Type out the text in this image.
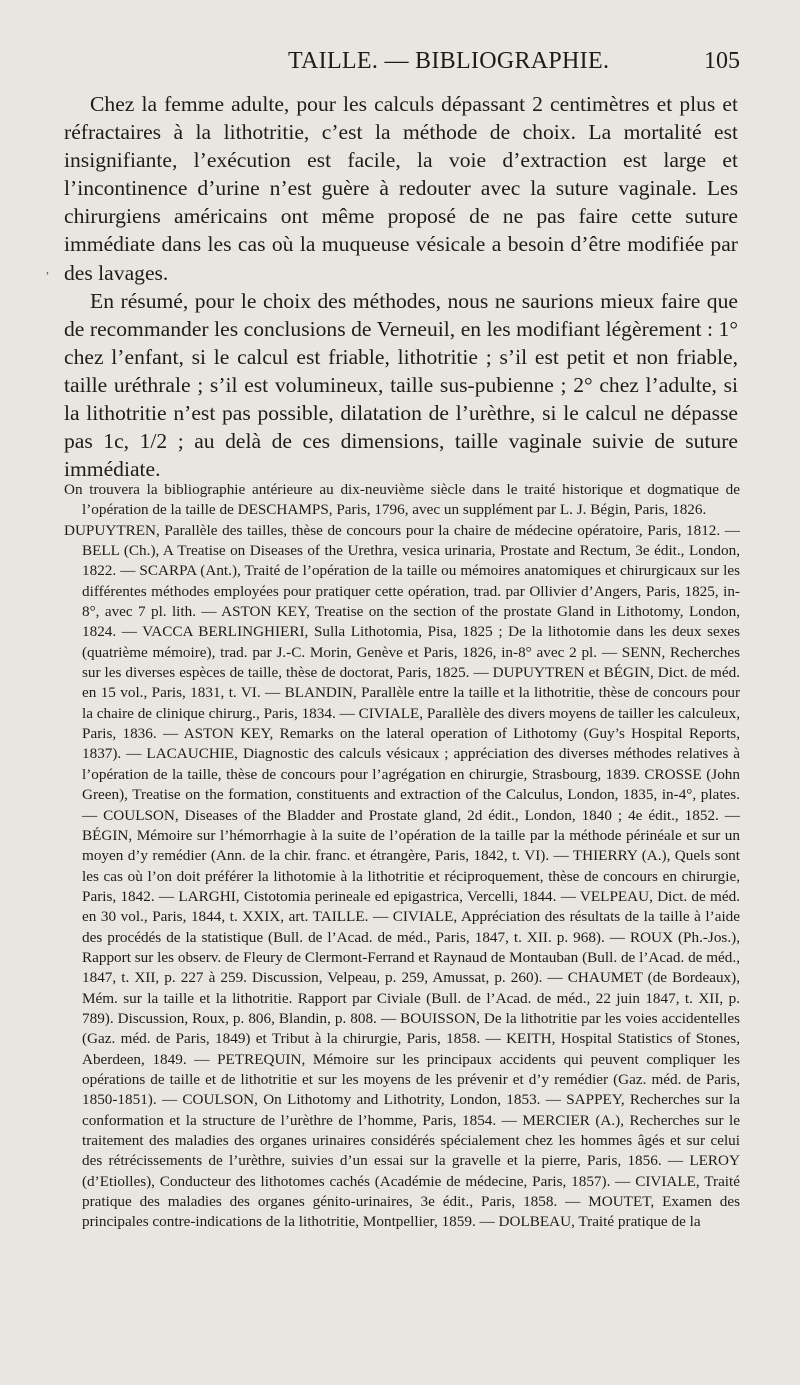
TAILLE. — BIBLIOGRAPHIE.	105

Chez la femme adulte, pour les calculs dépassant 2 centimètres et plus et réfractaires à la lithotritie, c’est la méthode de choix. La mortalité est insignifiante, l’exécution est facile, la voie d’extraction est large et l’incontinence d’urine n’est guère à redouter avec la suture vaginale. Les chirurgiens américains ont même proposé de ne pas faire cette suture immédiate dans les cas où la muqueuse vésicale a besoin d’être modifiée par des lavages.

En résumé, pour le choix des méthodes, nous ne saurions mieux faire que de recommander les conclusions de Verneuil, en les modifiant légèrement : 1° chez l’enfant, si le calcul est friable, lithotritie ; s’il est petit et non friable, taille uréthrale ; s’il est volumineux, taille sus-pubienne ; 2° chez l’adulte, si la lithotritie n’est pas possible, dilatation de l’urèthre, si le calcul ne dépasse pas 1c, 1/2 ; au delà de ces dimensions, taille vaginale suivie de suture immédiate.

,

On trouvera la bibliographie antérieure au dix-neuvième siècle dans le traité historique et dogmatique de l’opération de la taille de DESCHAMPS, Paris, 1796, avec un supplément par L. J. Bégin, Paris, 1826.

DUPUYTREN, Parallèle des tailles, thèse de concours pour la chaire de médecine opératoire, Paris, 1812. — BELL (Ch.), A Treatise on Diseases of the Urethra, vesica urinaria, Prostate and Rectum, 3e édit., London, 1822. — SCARPA (Ant.), Traité de l’opération de la taille ou mémoires anatomiques et chirurgicaux sur les différentes méthodes employées pour pratiquer cette opération, trad. par Ollivier d’Angers, Paris, 1825, in-8°, avec 7 pl. lith. — ASTON KEY, Treatise on the section of the prostate Gland in Lithotomy, London, 1824. — VACCA BERLINGHIERI, Sulla Lithotomia, Pisa, 1825 ; De la lithotomie dans les deux sexes (quatrième mémoire), trad. par J.-C. Morin, Genève et Paris, 1826, in-8° avec 2 pl. — SENN, Recherches sur les diverses espèces de taille, thèse de doctorat, Paris, 1825. — DUPUYTREN et BÉGIN, Dict. de méd. en 15 vol., Paris, 1831, t. VI. — BLANDIN, Parallèle entre la taille et la lithotritie, thèse de concours pour la chaire de clinique chirurg., Paris, 1834. — CIVIALE, Parallèle des divers moyens de tailler les calculeux, Paris, 1836. — ASTON KEY, Remarks on the lateral operation of Lithotomy (Guy’s Hospital Reports, 1837). — LACAUCHIE, Diagnostic des calculs vésicaux ; appréciation des diverses méthodes relatives à l’opération de la taille, thèse de concours pour l’agrégation en chirurgie, Strasbourg, 1839. CROSSE (John Green), Treatise on the formation, constituents and extraction of the Calculus, London, 1835, in-4°, plates. — COULSON, Diseases of the Bladder and Prostate gland, 2d édit., London, 1840 ; 4e édit., 1852. — BÉGIN, Mémoire sur l’hémorrhagie à la suite de l’opération de la taille par la méthode périnéale et sur un moyen d’y remédier (Ann. de la chir. franc. et étrangère, Paris, 1842, t. VI). — THIERRY (A.), Quels sont les cas où l’on doit préférer la lithotomie à la lithotritie et réciproquement, thèse de concours en chirurgie, Paris, 1842. — LARGHI, Cistotomia perineale ed epigastrica, Vercelli, 1844. — VELPEAU, Dict. de méd. en 30 vol., Paris, 1844, t. XXIX, art. TAILLE. — CIVIALE, Appréciation des résultats de la taille à l’aide des procédés de la statistique (Bull. de l’Acad. de méd., Paris, 1847, t. XII. p. 968). — ROUX (Ph.-Jos.), Rapport sur les observ. de Fleury de Clermont-Ferrand et Raynaud de Montauban (Bull. de l’Acad. de méd., 1847, t. XII, p. 227 à 259. Discussion, Velpeau, p. 259, Amussat, p. 260). — CHAUMET (de Bordeaux), Mém. sur la taille et la lithotritie. Rapport par Civiale (Bull. de l’Acad. de méd., 22 juin 1847, t. XII, p. 789). Discussion, Roux, p. 806, Blandin, p. 808. — BOUISSON, De la lithotritie par les voies accidentelles (Gaz. méd. de Paris, 1849) et Tribut à la chirurgie, Paris, 1858. — KEITH, Hospital Statistics of Stones, Aberdeen, 1849. — PETREQUIN, Mémoire sur les principaux accidents qui peuvent compliquer les opérations de taille et de lithotritie et sur les moyens de les prévenir et d’y remédier (Gaz. méd. de Paris, 1850-1851). — COULSON, On Lithotomy and Lithotrity, London, 1853. — SAPPEY, Recherches sur la conformation et la structure de l’urèthre de l’homme, Paris, 1854. — MERCIER (A.), Recherches sur le traitement des maladies des organes urinaires considérés spécialement chez les hommes âgés et sur celui des rétrécissements de l’urèthre, suivies d’un essai sur la gravelle et la pierre, Paris, 1856. — LEROY (d’Etiolles), Conducteur des lithotomes cachés (Académie de médecine, Paris, 1857). — CIVIALE, Traité pratique des maladies des organes génito-urinaires, 3e édit., Paris, 1858. — MOUTET, Examen des principales contre-indications de la lithotritie, Montpellier, 1859. — DOLBEAU, Traité pratique de la
